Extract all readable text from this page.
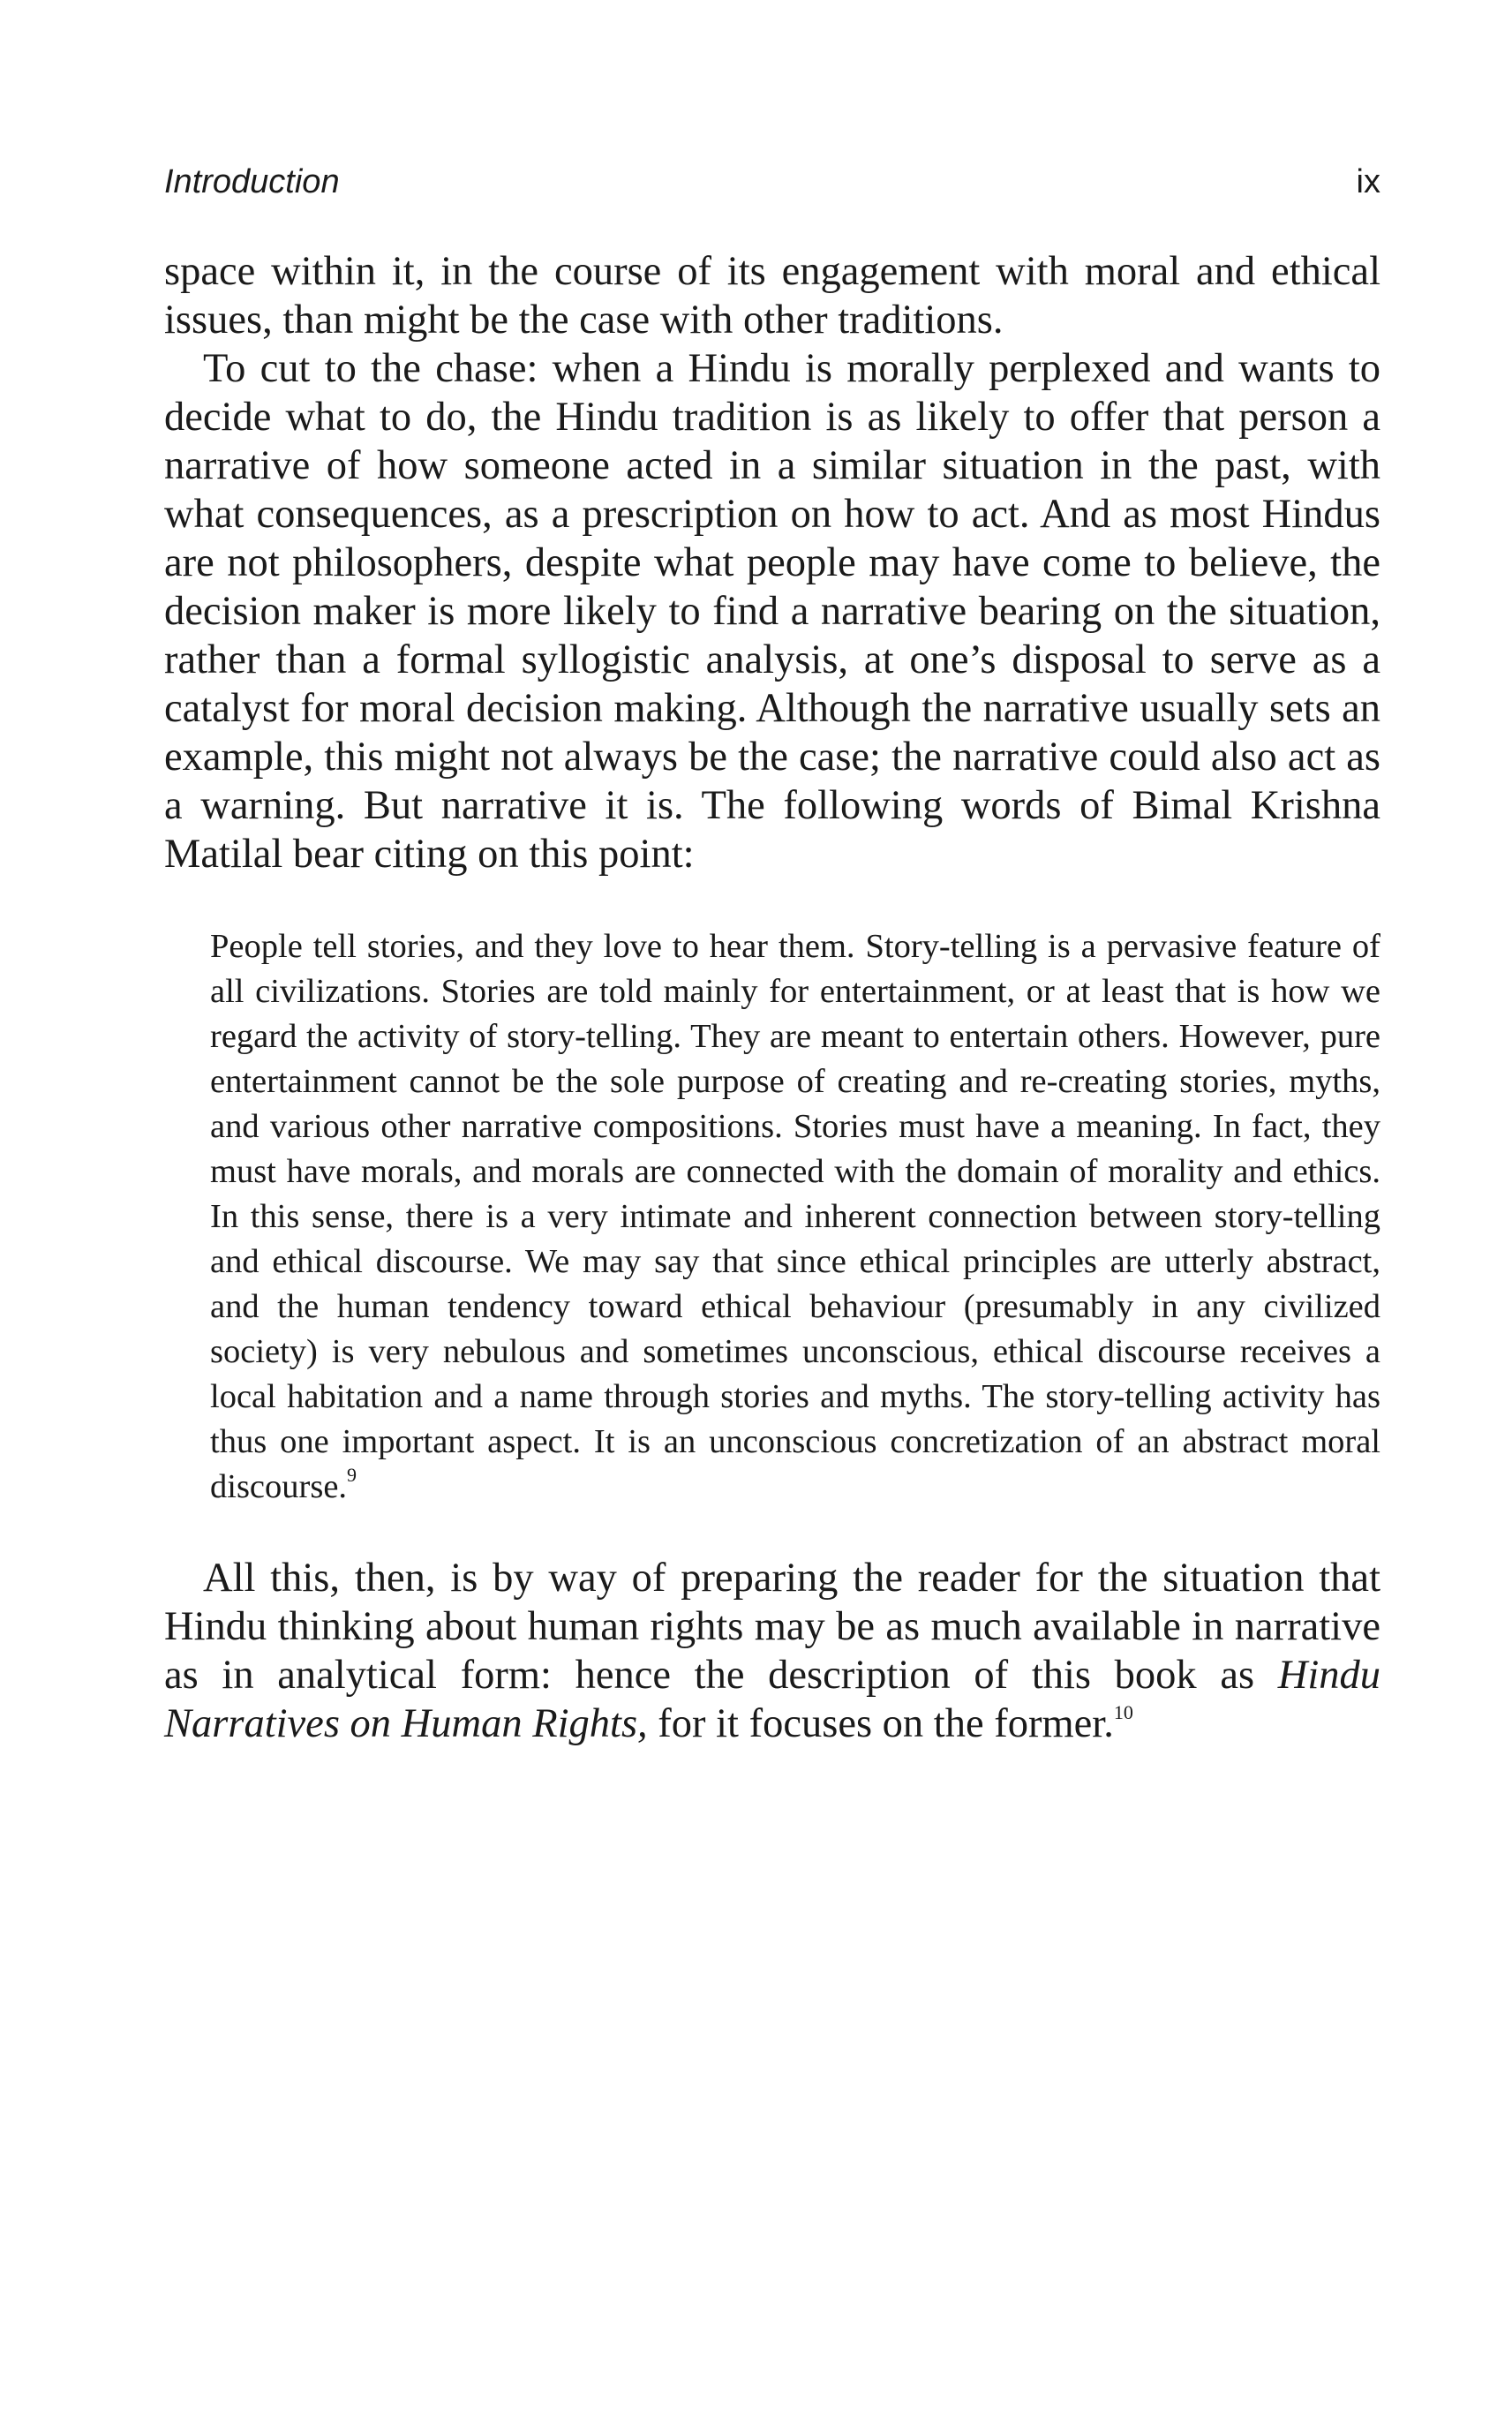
Introduction	ix

space within it, in the course of its engagement with moral and ethical issues, than might be the case with other traditions.

To cut to the chase: when a Hindu is morally perplexed and wants to decide what to do, the Hindu tradition is as likely to offer that person a narrative of how someone acted in a similar situation in the past, with what consequences, as a prescription on how to act. And as most Hindus are not philosophers, despite what people may have come to believe, the decision maker is more likely to find a narrative bearing on the situation, rather than a formal syllogistic analysis, at one’s disposal to serve as a catalyst for moral decision making. Although the narrative usually sets an example, this might not always be the case; the narrative could also act as a warning. But narrative it is. The following words of Bimal Krishna Matilal bear citing on this point:

People tell stories, and they love to hear them. Story-telling is a pervasive feature of all civilizations. Stories are told mainly for entertainment, or at least that is how we regard the activity of story-telling. They are meant to entertain others. However, pure entertainment cannot be the sole purpose of creating and re-creating stories, myths, and various other narrative compositions. Stories must have a meaning. In fact, they must have morals, and morals are connected with the domain of morality and ethics. In this sense, there is a very intimate and inherent connection between story-telling and ethical discourse. We may say that since ethical principles are utterly abstract, and the human tendency toward ethical behaviour (presumably in any civilized society) is very nebulous and sometimes unconscious, ethical discourse receives a local habitation and a name through stories and myths. The story-telling activity has thus one important aspect. It is an unconscious concretization of an abstract moral discourse.$^9$

All this, then, is by way of preparing the reader for the situation that Hindu thinking about human rights may be as much available in narrative as in analytical form: hence the description of this book as Hindu Narratives on Human Rights, for it focuses on the former.$^{10}$
